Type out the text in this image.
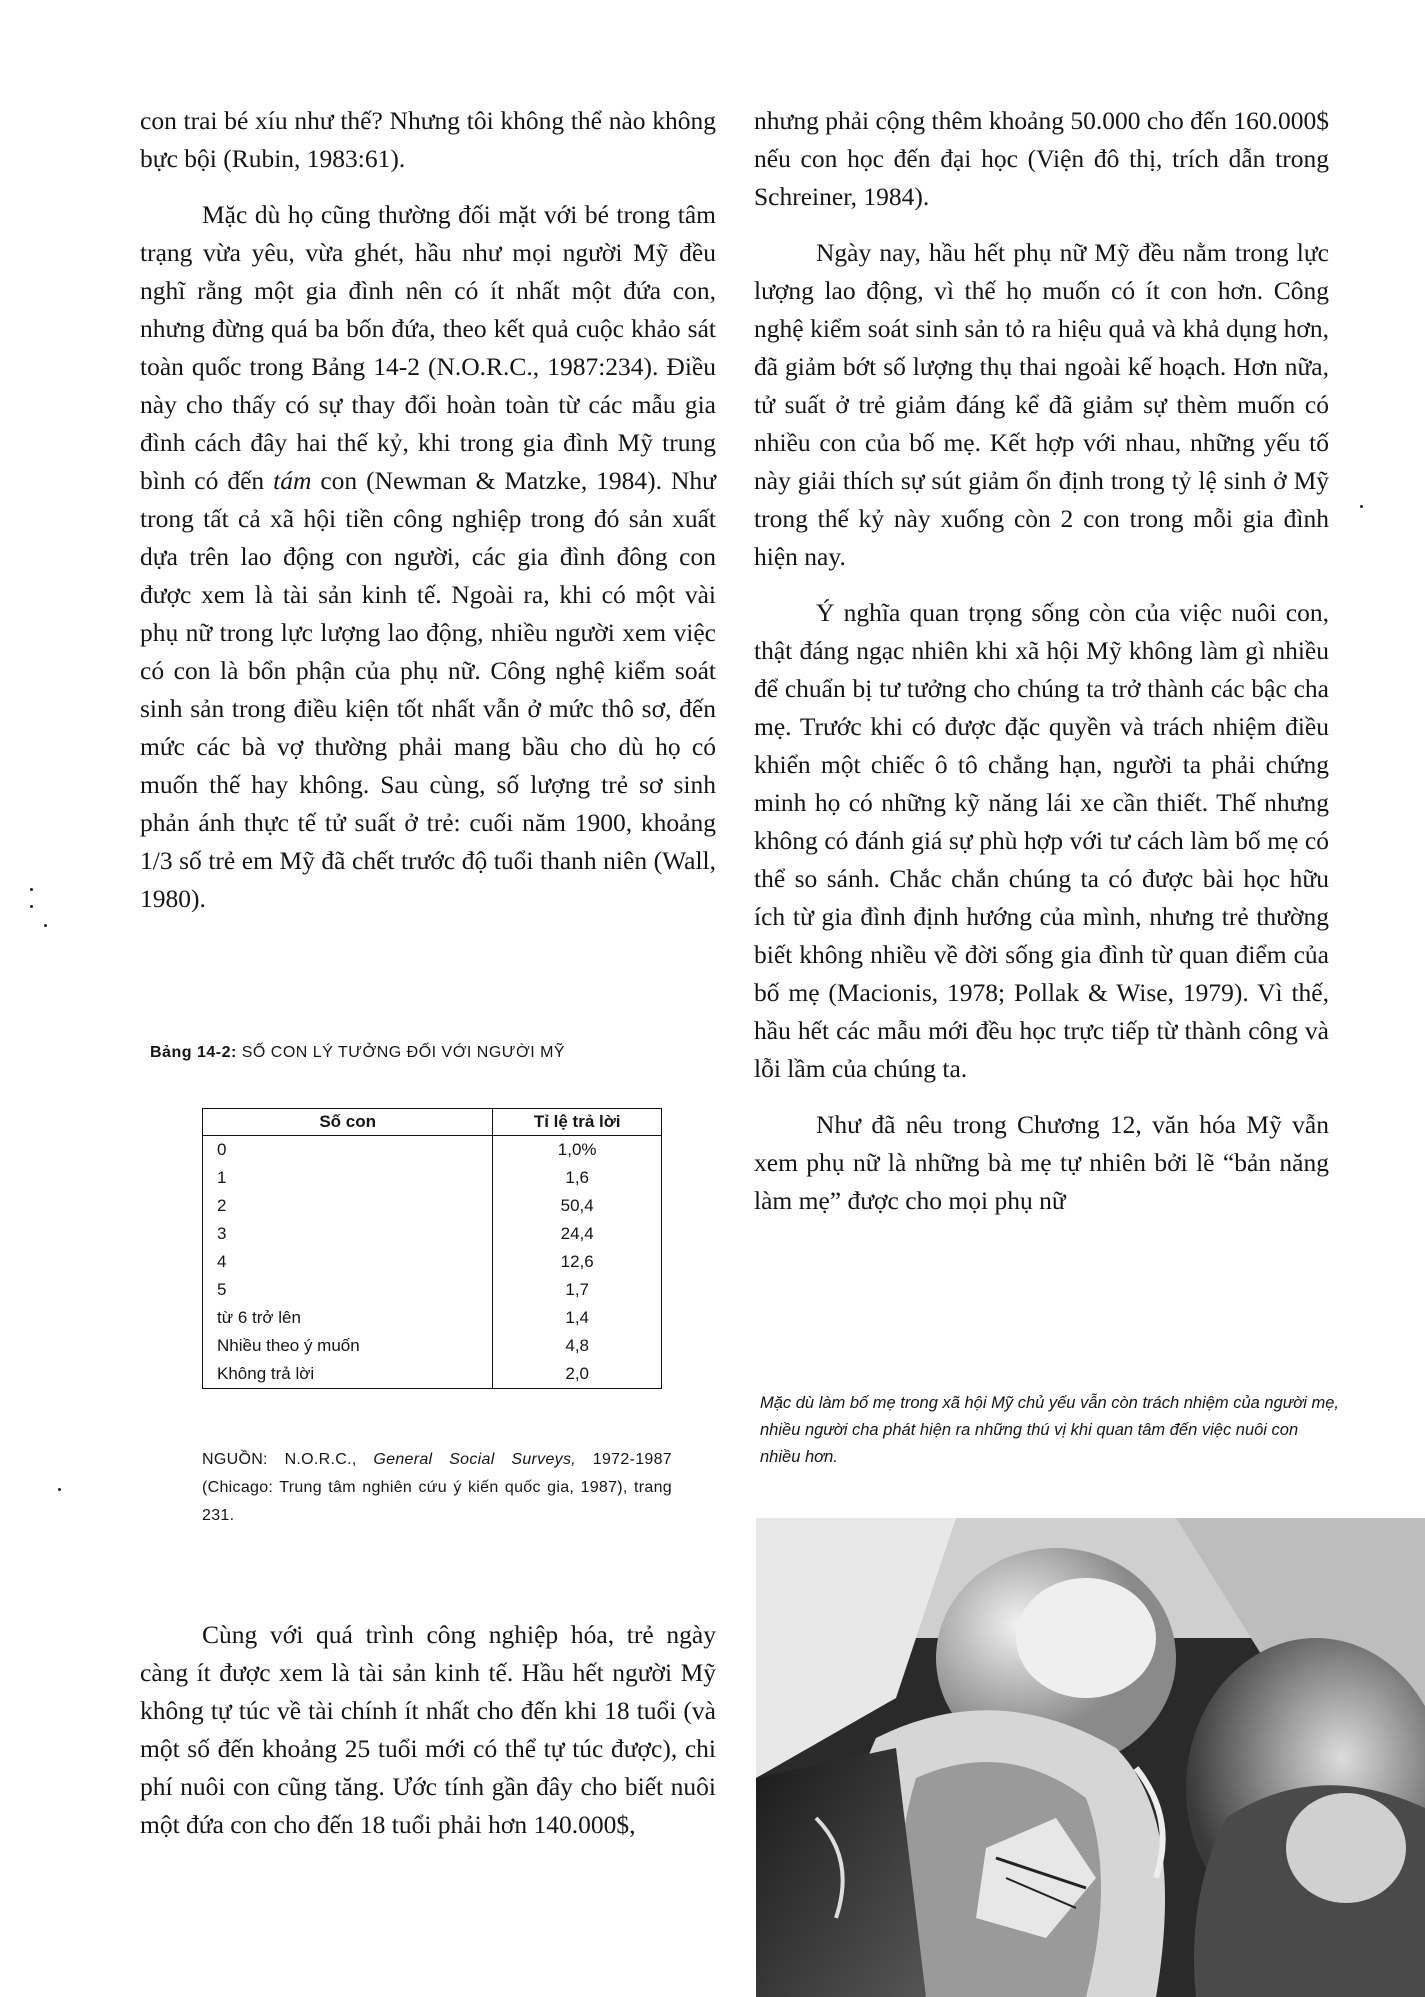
con trai bé xíu như thế? Nhưng tôi không thể nào không bực bội (Rubin, 1983:61).

Mặc dù họ cũng thường đối mặt với bé trong tâm trạng vừa yêu, vừa ghét, hầu như mọi người Mỹ đều nghĩ rằng một gia đình nên có ít nhất một đứa con, nhưng đừng quá ba bốn đứa, theo kết quả cuộc khảo sát toàn quốc trong Bảng 14-2 (N.O.R.C., 1987:234). Điều này cho thấy có sự thay đổi hoàn toàn từ các mẫu gia đình cách đây hai thế kỷ, khi trong gia đình Mỹ trung bình có đến tám con (Newman & Matzke, 1984). Như trong tất cả xã hội tiền công nghiệp trong đó sản xuất dựa trên lao động con người, các gia đình đông con được xem là tài sản kinh tế. Ngoài ra, khi có một vài phụ nữ trong lực lượng lao động, nhiều người xem việc có con là bổn phận của phụ nữ. Công nghệ kiểm soát sinh sản trong điều kiện tốt nhất vẫn ở mức thô sơ, đến mức các bà vợ thường phải mang bầu cho dù họ có muốn thế hay không. Sau cùng, số lượng trẻ sơ sinh phản ánh thực tế tử suất ở trẻ: cuối năm 1900, khoảng 1/3 số trẻ em Mỹ đã chết trước độ tuổi thanh niên (Wall, 1980).

Bảng 14-2: SỐ CON LÝ TƯỞNG ĐỐI VỚI NGƯỜI MỸ
Số con	Tỉ lệ trả lời
0	1,0%
1	1,6
2	50,4
3	24,4
4	12,6
5	1,7
từ 6 trở lên	1,4
Nhiều theo ý muốn	4,8
Không trả lời	2,0
NGUỒN: N.O.R.C., General Social Surveys, 1972-1987 (Chicago: Trung tâm nghiên cứu ý kiến quốc gia, 1987), trang 231.

Cùng với quá trình công nghiệp hóa, trẻ ngày càng ít được xem là tài sản kinh tế. Hầu hết người Mỹ không tự túc về tài chính ít nhất cho đến khi 18 tuổi (và một số đến khoảng 25 tuổi mới có thể tự túc được), chi phí nuôi con cũng tăng. Ước tính gần đây cho biết nuôi một đứa con cho đến 18 tuổi phải hơn 140.000$,

nhưng phải cộng thêm khoảng 50.000 cho đến 160.000$ nếu con học đến đại học (Viện đô thị, trích dẫn trong Schreiner, 1984).

Ngày nay, hầu hết phụ nữ Mỹ đều nằm trong lực lượng lao động, vì thế họ muốn có ít con hơn. Công nghệ kiểm soát sinh sản tỏ ra hiệu quả và khả dụng hơn, đã giảm bớt số lượng thụ thai ngoài kế hoạch. Hơn nữa, tử suất ở trẻ giảm đáng kể đã giảm sự thèm muốn có nhiều con của bố mẹ. Kết hợp với nhau, những yếu tố này giải thích sự sút giảm ổn định trong tỷ lệ sinh ở Mỹ trong thế kỷ này xuống còn 2 con trong mỗi gia đình hiện nay.

Ý nghĩa quan trọng sống còn của việc nuôi con, thật đáng ngạc nhiên khi xã hội Mỹ không làm gì nhiều để chuẩn bị tư tưởng cho chúng ta trở thành các bậc cha mẹ. Trước khi có được đặc quyền và trách nhiệm điều khiển một chiếc ô tô chẳng hạn, người ta phải chứng minh họ có những kỹ năng lái xe cần thiết. Thế nhưng không có đánh giá sự phù hợp với tư cách làm bố mẹ có thể so sánh. Chắc chắn chúng ta có được bài học hữu ích từ gia đình định hướng của mình, nhưng trẻ thường biết không nhiều về đời sống gia đình từ quan điểm của bố mẹ (Macionis, 1978; Pollak & Wise, 1979). Vì thế, hầu hết các mẫu mới đều học trực tiếp từ thành công và lỗi lầm của chúng ta.

Như đã nêu trong Chương 12, văn hóa Mỹ vẫn xem phụ nữ là những bà mẹ tự nhiên bởi lẽ “bản năng làm mẹ” được cho mọi phụ nữ

Mặc dù làm bố mẹ trong xã hội Mỹ chủ yếu vẫn còn trách nhiệm của người mẹ, nhiều người cha phát hiện ra những thú vị khi quan tâm đến việc nuôi con nhiều hơn.
